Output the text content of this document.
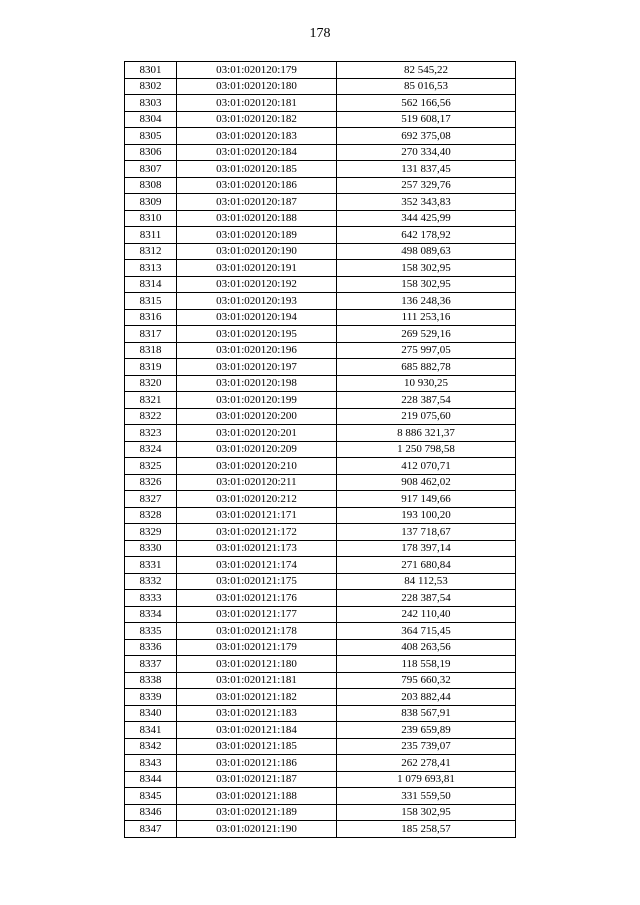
178
8301	03:01:020120:179	82 545,22
8302	03:01:020120:180	85 016,53
8303	03:01:020120:181	562 166,56
8304	03:01:020120:182	519 608,17
8305	03:01:020120:183	692 375,08
8306	03:01:020120:184	270 334,40
8307	03:01:020120:185	131 837,45
8308	03:01:020120:186	257 329,76
8309	03:01:020120:187	352 343,83
8310	03:01:020120:188	344 425,99
8311	03:01:020120:189	642 178,92
8312	03:01:020120:190	498 089,63
8313	03:01:020120:191	158 302,95
8314	03:01:020120:192	158 302,95
8315	03:01:020120:193	136 248,36
8316	03:01:020120:194	111 253,16
8317	03:01:020120:195	269 529,16
8318	03:01:020120:196	275 997,05
8319	03:01:020120:197	685 882,78
8320	03:01:020120:198	10 930,25
8321	03:01:020120:199	228 387,54
8322	03:01:020120:200	219 075,60
8323	03:01:020120:201	8 886 321,37
8324	03:01:020120:209	1 250 798,58
8325	03:01:020120:210	412 070,71
8326	03:01:020120:211	908 462,02
8327	03:01:020120:212	917 149,66
8328	03:01:020121:171	193 100,20
8329	03:01:020121:172	137 718,67
8330	03:01:020121:173	178 397,14
8331	03:01:020121:174	271 680,84
8332	03:01:020121:175	84 112,53
8333	03:01:020121:176	228 387,54
8334	03:01:020121:177	242 110,40
8335	03:01:020121:178	364 715,45
8336	03:01:020121:179	408 263,56
8337	03:01:020121:180	118 558,19
8338	03:01:020121:181	795 660,32
8339	03:01:020121:182	203 882,44
8340	03:01:020121:183	838 567,91
8341	03:01:020121:184	239 659,89
8342	03:01:020121:185	235 739,07
8343	03:01:020121:186	262 278,41
8344	03:01:020121:187	1 079 693,81
8345	03:01:020121:188	331 559,50
8346	03:01:020121:189	158 302,95
8347	03:01:020121:190	185 258,57
